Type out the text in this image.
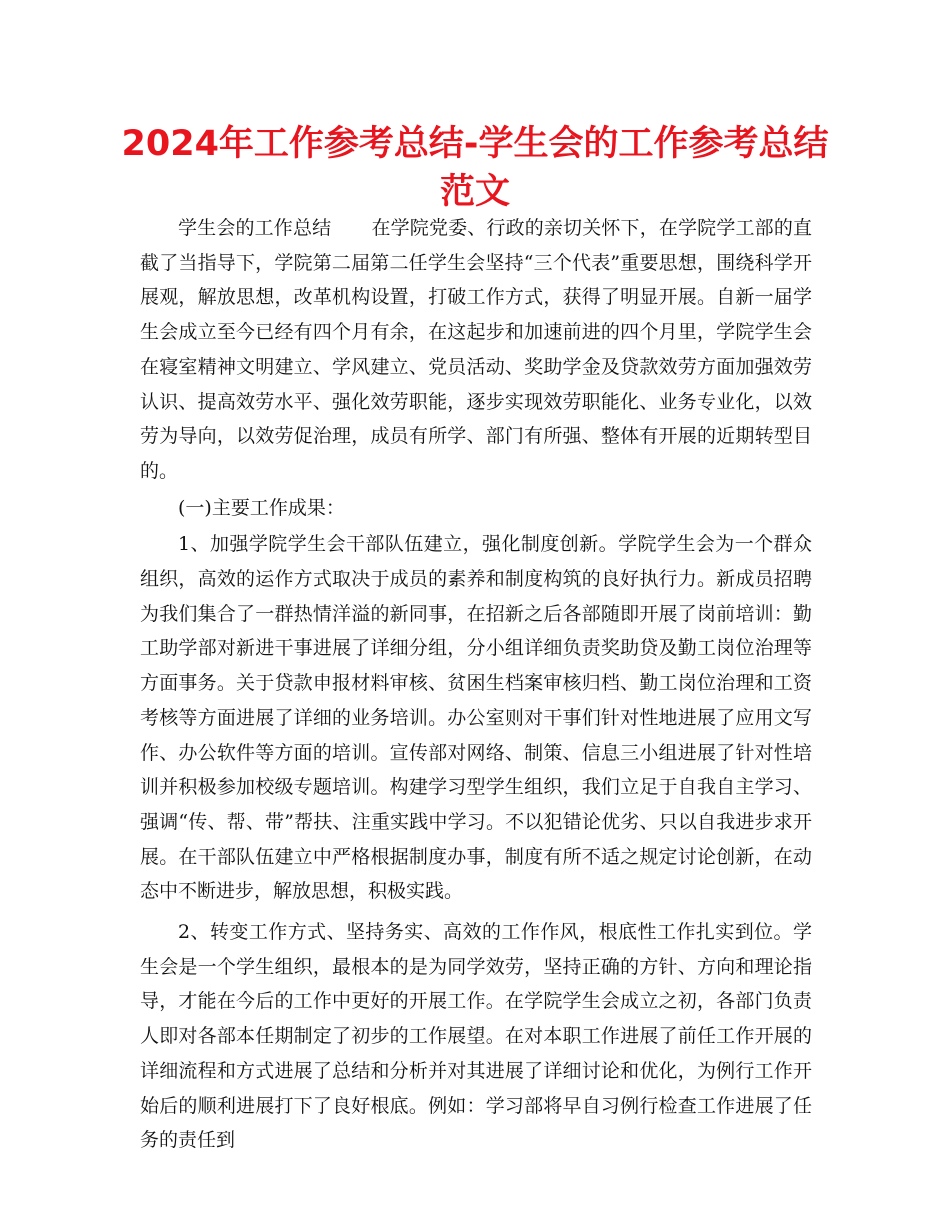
2024年工作参考总结-学生会的工作参考总结范文

学生会的工作总结 在学院党委、行政的亲切关怀下，在学院学工部的直截了当指导下，学院第二届第二任学生会坚持“三个代表”重要思想，围绕科学开展观，解放思想，改革机构设置，打破工作方式，获得了明显开展。自新一届学生会成立至今已经有四个月有余，在这起步和加速前进的四个月里，学院学生会在寝室精神文明建立、学风建立、党员活动、奖助学金及贷款效劳方面加强效劳认识、提高效劳水平、强化效劳职能，逐步实现效劳职能化、业务专业化，以效劳为导向，以效劳促治理，成员有所学、部门有所强、整体有开展的近期转型目的。

(一)主要工作成果：

1、加强学院学生会干部队伍建立，强化制度创新。学院学生会为一个群众组织，高效的运作方式取决于成员的素养和制度构筑的良好执行力。新成员招聘为我们集合了一群热情洋溢的新同事，在招新之后各部随即开展了岗前培训：勤工助学部对新进干事进展了详细分组，分小组详细负责奖助贷及勤工岗位治理等方面事务。关于贷款申报材料审核、贫困生档案审核归档、勤工岗位治理和工资考核等方面进展了详细的业务培训。办公室则对干事们针对性地进展了应用文写作、办公软件等方面的培训。宣传部对网络、制策、信息三小组进展了针对性培训并积极参加校级专题培训。构建学习型学生组织，我们立足于自我自主学习、强调“传、帮、带”帮扶、注重实践中学习。不以犯错论优劣、只以自我进步求开展。在干部队伍建立中严格根据制度办事，制度有所不适之规定讨论创新，在动态中不断进步，解放思想，积极实践。

2、转变工作方式、坚持务实、高效的工作作风，根底性工作扎实到位。学生会是一个学生组织，最根本的是为同学效劳，坚持正确的方针、方向和理论指导，才能在今后的工作中更好的开展工作。在学院学生会成立之初，各部门负责人即对各部本任期制定了初步的工作展望。在对本职工作进展了前任工作开展的详细流程和方式进展了总结和分析并对其进展了详细讨论和优化，为例行工作开始后的顺利进展打下了良好根底。例如：学习部将早自习例行检查工作进展了任务的责任到
